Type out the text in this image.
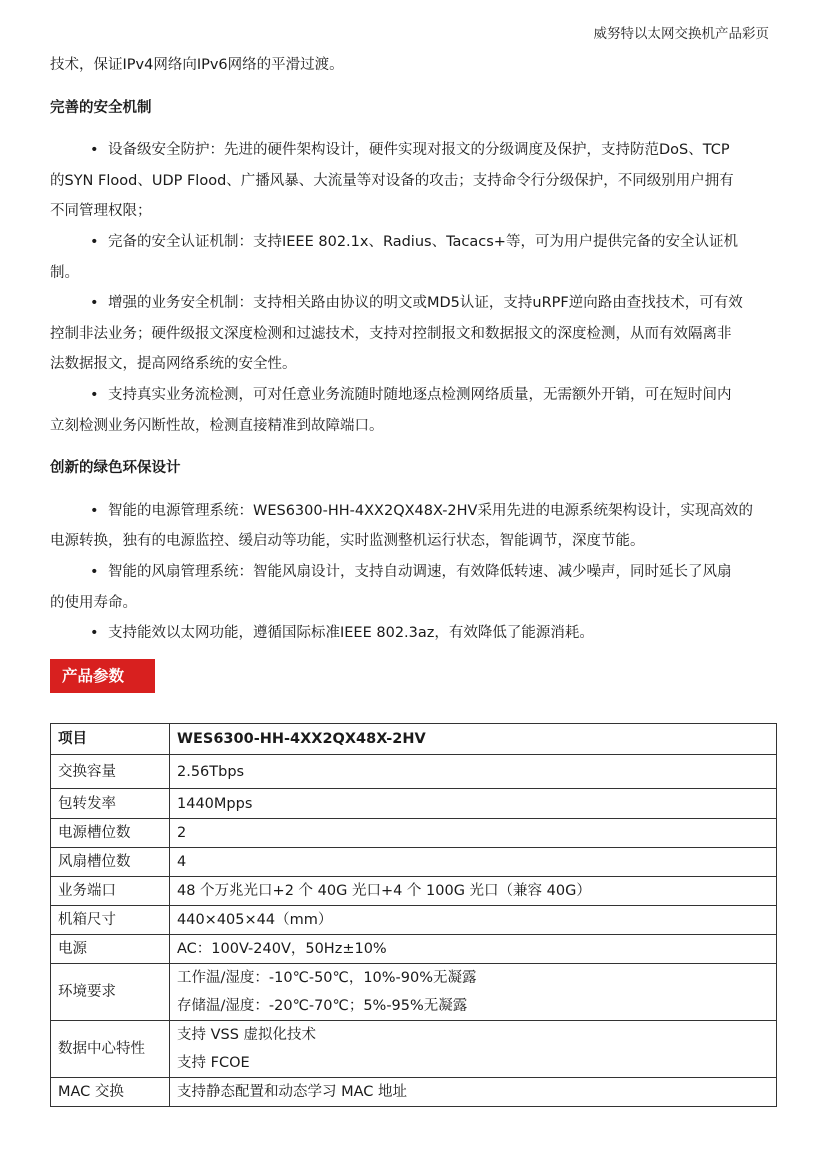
威努特以太网交换机产品彩页

技术，保证IPv4网络向IPv6网络的平滑过渡。

完善的安全机制

• 设备级安全防护：先进的硬件架构设计，硬件实现对报文的分级调度及保护，支持防范DoS、TCP

的SYN Flood、UDP Flood、广播风暴、大流量等对设备的攻击；支持命令行分级保护，不同级别用户拥有

不同管理权限；

• 完备的安全认证机制：支持IEEE 802.1x、Radius、Tacacs+等，可为用户提供完备的安全认证机

制。

• 增强的业务安全机制：支持相关路由协议的明文或MD5认证，支持uRPF逆向路由查找技术，可有效

控制非法业务；硬件级报文深度检测和过滤技术，支持对控制报文和数据报文的深度检测，从而有效隔离非

法数据报文，提高网络系统的安全性。

• 支持真实业务流检测，可对任意业务流随时随地逐点检测网络质量，无需额外开销，可在短时间内

立刻检测业务闪断性故，检测直接精准到故障端口。

创新的绿色环保设计

• 智能的电源管理系统：WES6300-HH-4XX2QX48X-2HV采用先进的电源系统架构设计，实现高效的

电源转换，独有的电源监控、缓启动等功能，实时监测整机运行状态，智能调节，深度节能。

• 智能的风扇管理系统：智能风扇设计，支持自动调速，有效降低转速、减少噪声，同时延长了风扇

的使用寿命。

• 支持能效以太网功能，遵循国际标准IEEE 802.3az，有效降低了能源消耗。

产品参数
项目	WES6300-HH-4XX2QX48X-2HV
交换容量	2.56Tbps

包转发率	1440Mpps

电源槽位数	2

风扇槽位数	4

业务端口	48 个万兆光口+2 个 40G 光口+4 个 100G 光口（兼容 40G）

机箱尺寸	440×405×44（mm）

电源	AC：100V-240V，50Hz±10%

环境要求	工作温/湿度：-10℃-50℃，10%-90%无凝露
存储温/湿度：-20℃-70℃；5%-95%无凝露

数据中心特性	支持 VSS 虚拟化技术
支持 FCOE

MAC 交换	支持静态配置和动态学习 MAC 地址
